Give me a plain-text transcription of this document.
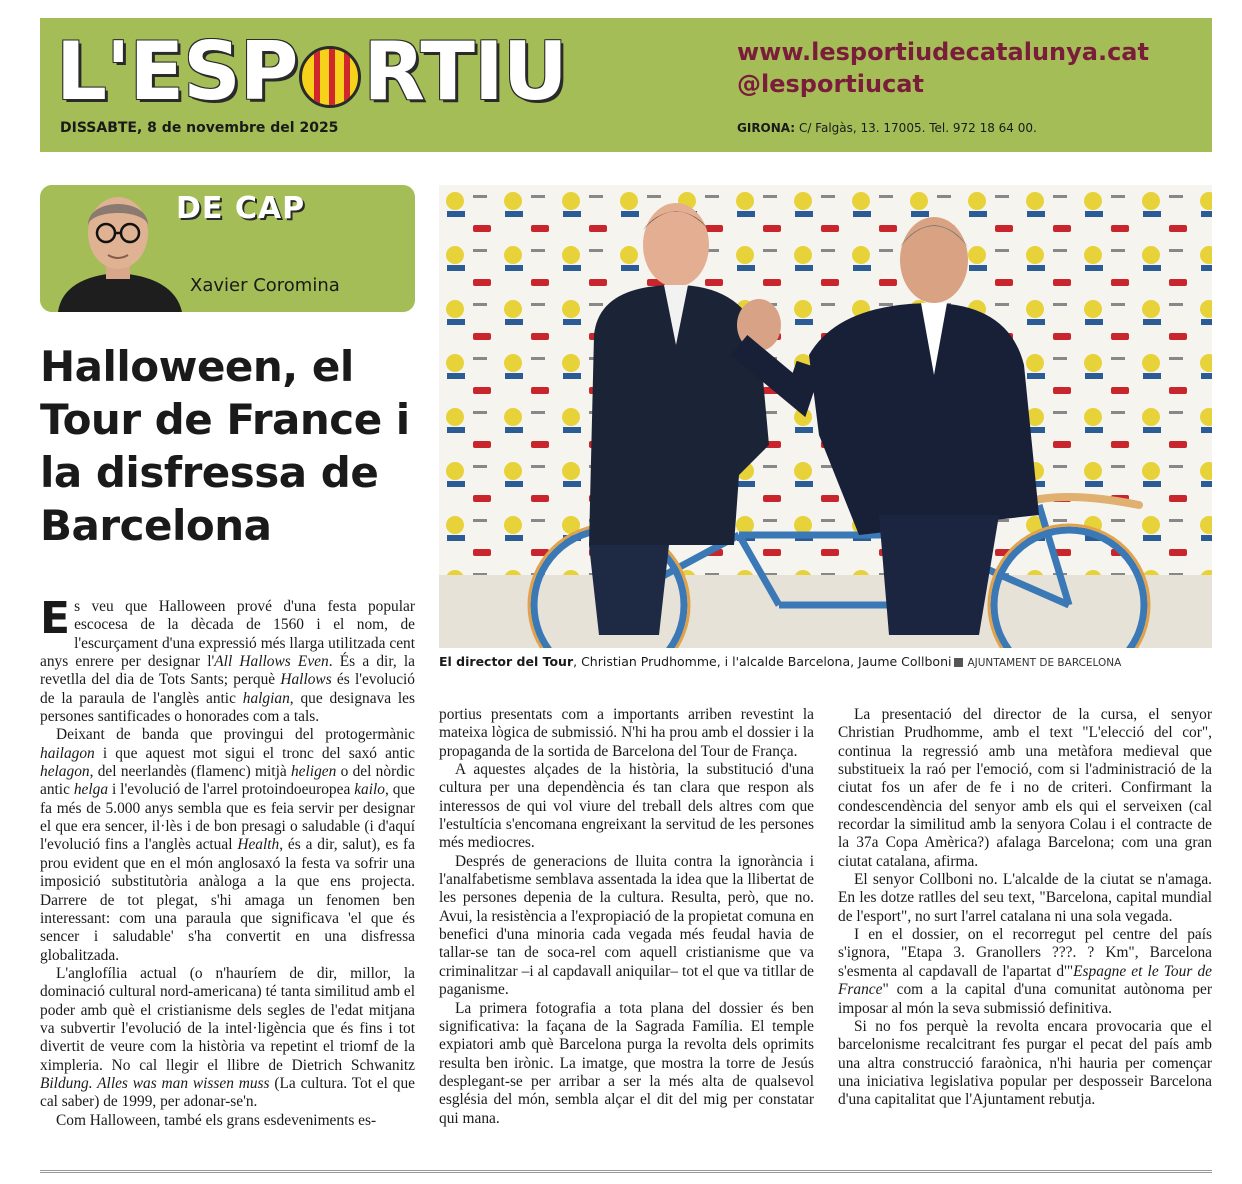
L'ESP RTIU
DISSABTE, 8 de novembre del 2025
www.lesportiudecatalunya.cat
@lesportiucat
GIRONA: C/ Falgàs, 13. 17005. Tel. 972 18 64 00.
DE CAP
Xavier Coromina
Halloween, el Tour de France i la disfressa de Barcelona
El director del Tour, Christian Prudhomme, i l'alcalde Barcelona, Jaume Collboni AJUNTAMENT DE BARCELONA

Es veu que Halloween prové d'una festa popular escocesa de la dècada de 1560 i el nom, de l'escurçament d'una expressió més llarga utilitzada cent anys enrere per designar l'All Hallows Even. És a dir, la revetlla del dia de Tots Sants; perquè Hallows és l'evolució de la paraula de l'anglès antic halgian, que designava les persones santificades o honorades com a tals.

Deixant de banda que provingui del protogermànic hailagon i que aquest mot sigui el tronc del saxó antic helagon, del neerlandès (flamenc) mitjà heligen o del nòrdic antic helga i l'evolució de l'arrel protoindoeuropea kailo, que fa més de 5.000 anys sembla que es feia servir per designar el que era sencer, il·lès i de bon presagi o saludable (i d'aquí l'evolució fins a l'anglès actual Health, és a dir, salut), es fa prou evident que en el món anglosaxó la festa va sofrir una imposició substitutòria anàloga a la que ens projecta. Darrere de tot plegat, s'hi amaga un fenomen ben interessant: com una paraula que significava 'el que és sencer i saludable' s'ha convertit en una disfressa globalitzada.

L'anglofília actual (o n'hauríem de dir, millor, la dominació cultural nord-americana) té tanta similitud amb el poder amb què el cristianisme dels segles de l'edat mitjana va subvertir l'evolució de la intel·ligència que és fins i tot divertit de veure com la història va repetint el triomf de la ximpleria. No cal llegir el llibre de Dietrich Schwanitz Bildung. Alles was man wissen muss (La cultura. Tot el que cal saber) de 1999, per adonar-se'n.

Com Halloween, també els grans esdeveniments es-

portius presentats com a importants arriben revestint la mateixa lògica de submissió. N'hi ha prou amb el dossier i la propaganda de la sortida de Barcelona del Tour de França.

A aquestes alçades de la història, la substitució d'una cultura per una dependència és tan clara que respon als interessos de qui vol viure del treball dels altres com que l'estultícia s'encomana engreixant la servitud de les persones més mediocres.

Després de generacions de lluita contra la ignorància i l'analfabetisme semblava assentada la idea que la llibertat de les persones depenia de la cultura. Resulta, però, que no. Avui, la resistència a l'expropiació de la propietat comuna en benefici d'una minoria cada vegada més feudal havia de tallar-se tan de soca-rel com aquell cristianisme que va criminalitzar –i al capdavall aniquilar– tot el que va titllar de paganisme.

La primera fotografia a tota plana del dossier és ben significativa: la façana de la Sagrada Família. El temple expiatori amb què Barcelona purga la revolta dels oprimits resulta ben irònic. La imatge, que mostra la torre de Jesús desplegant-se per arribar a ser la més alta de qualsevol església del món, sembla alçar el dit del mig per constatar qui mana.

La presentació del director de la cursa, el senyor Christian Prudhomme, amb el text "L'elecció del cor", continua la regressió amb una metàfora medieval que substitueix la raó per l'emoció, com si l'administració de la ciutat fos un afer de fe i no de criteri. Confirmant la condescendència del senyor amb els qui el serveixen (cal recordar la similitud amb la senyora Colau i el contracte de la 37a Copa Amèrica?) afalaga Barcelona; com una gran ciutat catalana, afirma.

El senyor Collboni no. L'alcalde de la ciutat se n'amaga. En les dotze ratlles del seu text, "Barcelona, capital mundial de l'esport", no surt l'arrel catalana ni una sola vegada.

I en el dossier, on el recorregut pel centre del país s'ignora, "Etapa 3. Granollers ???. ? Km", Barcelona s'esmenta al capdavall de l'apartat d'"Espagne et le Tour de France" com a la capital d'una comunitat autònoma per imposar al món la seva submissió definitiva.

Si no fos perquè la revolta encara provocaria que el barcelonisme recalcitrant fes purgar el pecat del país amb una altra construcció faraònica, n'hi hauria per començar una iniciativa legislativa popular per desposseir Barcelona d'una capitalitat que l'Ajuntament rebutja.
